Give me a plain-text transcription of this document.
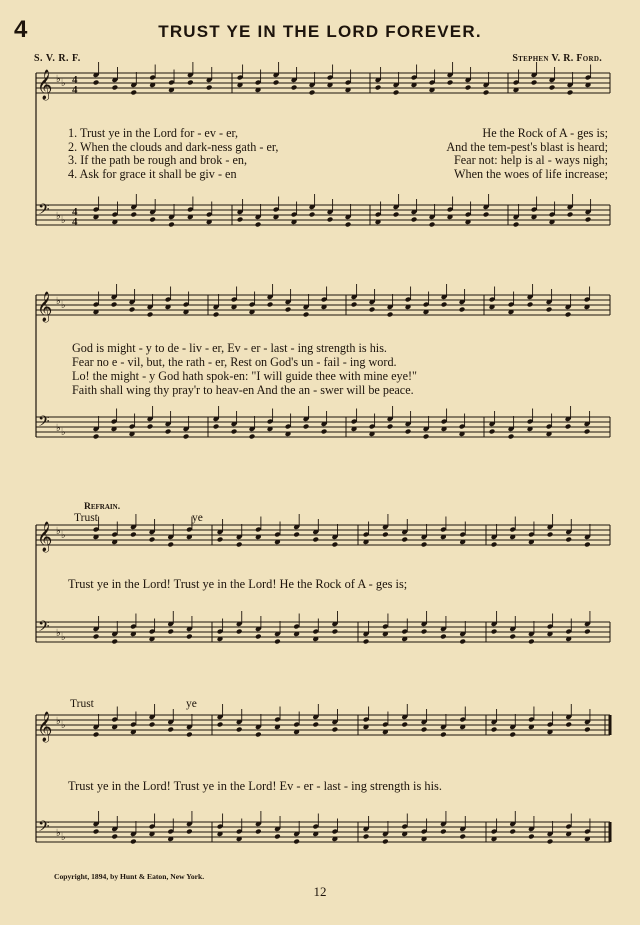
4	TRUST YE IN THE LORD FOREVER.
S. V. R. F.	Stephen V. R. Ford.
𝄞
𝄢
♭ ♭
♭ ♭
4
4
4
4
𝄞
𝄢
♭ ♭
♭ ♭
𝄞
𝄢
♭ ♭
♭ ♭
𝄞
𝄢
♭ ♭
♭ ♭
1. Trust ye in the Lord for - ev - er,	He the Rock of A - ges is;
2. When the clouds and dark-ness gath - er,	And the tem-pest's blast is heard;
3. If the path be rough and brok - en,	Fear not: help is al - ways nigh;
4. Ask for grace it shall be giv - en	When the woes of life increase;
God is might - y to de - liv - er, Ev - er - last - ing strength is his.
Fear no e - vil, but, the rath - er, Rest on God's un - fail - ing word.
Lo! the might - y God hath spok-en: "I will guide thee with mine eye!"
Faith shall wing thy pray'r to heav-en And the an - swer will be peace.
Refrain.
Trust	ye
Trust ye in the Lord! Trust ye in the Lord! He the Rock of A - ges is;
Trust	ye
Trust ye in the Lord! Trust ye in the Lord! Ev - er - last - ing strength is his.
Copyright, 1894, by Hunt & Eaton, New York.
12
